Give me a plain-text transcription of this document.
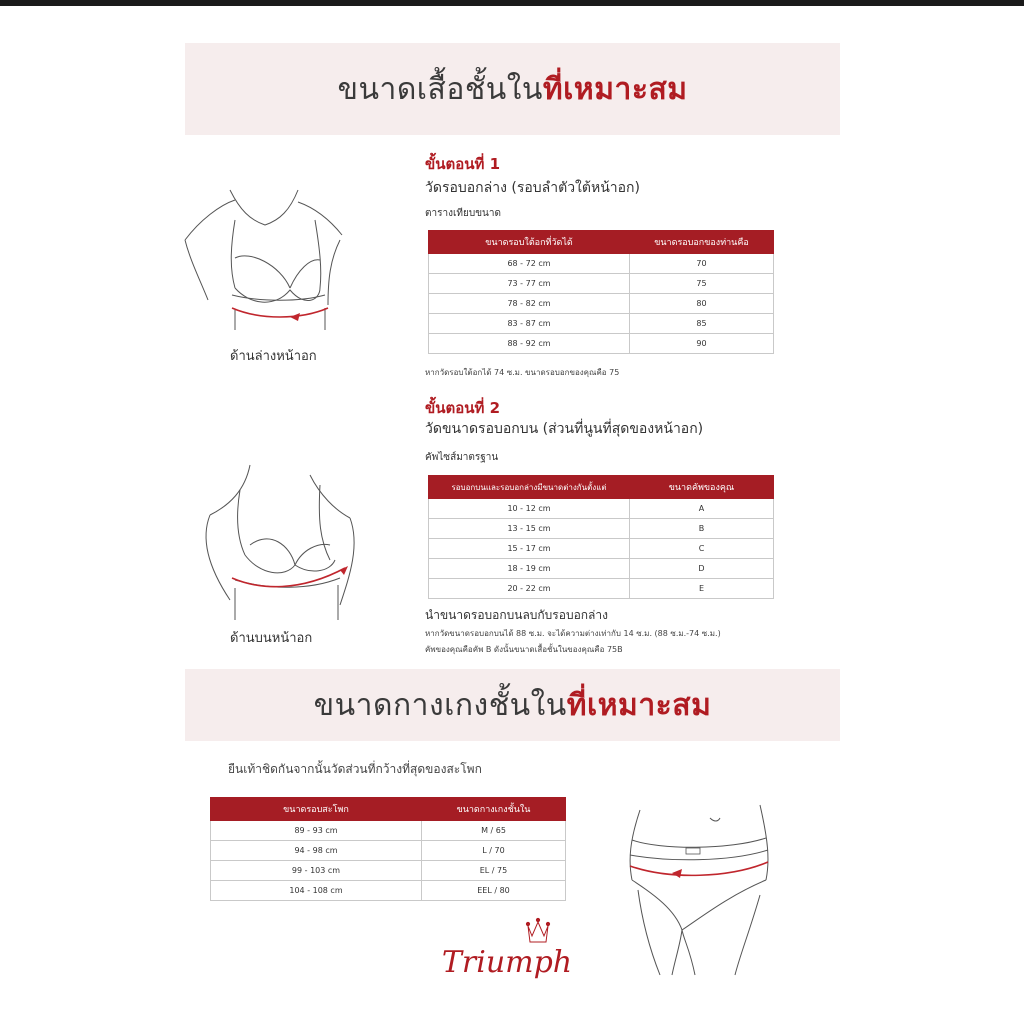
ขนาดเสื้อชั้นใน ที่เหมาะสม
ขั้นตอนที่ 1
วัดรอบอกล่าง (รอบลำตัวใต้หน้าอก)
ตารางเทียบขนาด
ขนาดรอบใต้อกที่วัดได้	ขนาดรอบอกของท่านคือ
68 - 72 cm	70
73 - 77 cm	75
78 - 82 cm	80
83 - 87 cm	85
88 - 92 cm	90
หากวัดรอบใต้อกได้ 74 ซ.ม. ขนาดรอบอกของคุณคือ 75
ขั้นตอนที่ 2
วัดขนาดรอบอกบน (ส่วนที่นูนที่สุดของหน้าอก)
คัพไซส์มาตรฐาน
รอบอกบนและรอบอกล่างมีขนาดต่างกันตั้งแต่	ขนาดคัพของคุณ
10 - 12 cm	A
13 - 15 cm	B
15 - 17 cm	C
18 - 19 cm	D
20 - 22 cm	E
นำขนาดรอบอกบนลบกับรอบอกล่าง
หากวัดขนาดรอบอกบนได้ 88 ซ.ม. จะได้ความต่างเท่ากับ 14 ซ.ม. (88 ซ.ม.-74 ซ.ม.)
คัพของคุณคือคัพ B ดังนั้นขนาดเสื้อชั้นในของคุณคือ 75B
ด้านล่างหน้าอก
ด้านบนหน้าอก
ขนาดกางเกงชั้นใน ที่เหมาะสม
ยืนเท้าชิดกันจากนั้นวัดส่วนที่กว้างที่สุดของสะโพก
ขนาดรอบสะโพก	ขนาดกางเกงชั้นใน
89 - 93 cm	M / 65
94 - 98 cm	L / 70
99 - 103 cm	EL / 75
104 - 108 cm	EEL / 80
Triumph
